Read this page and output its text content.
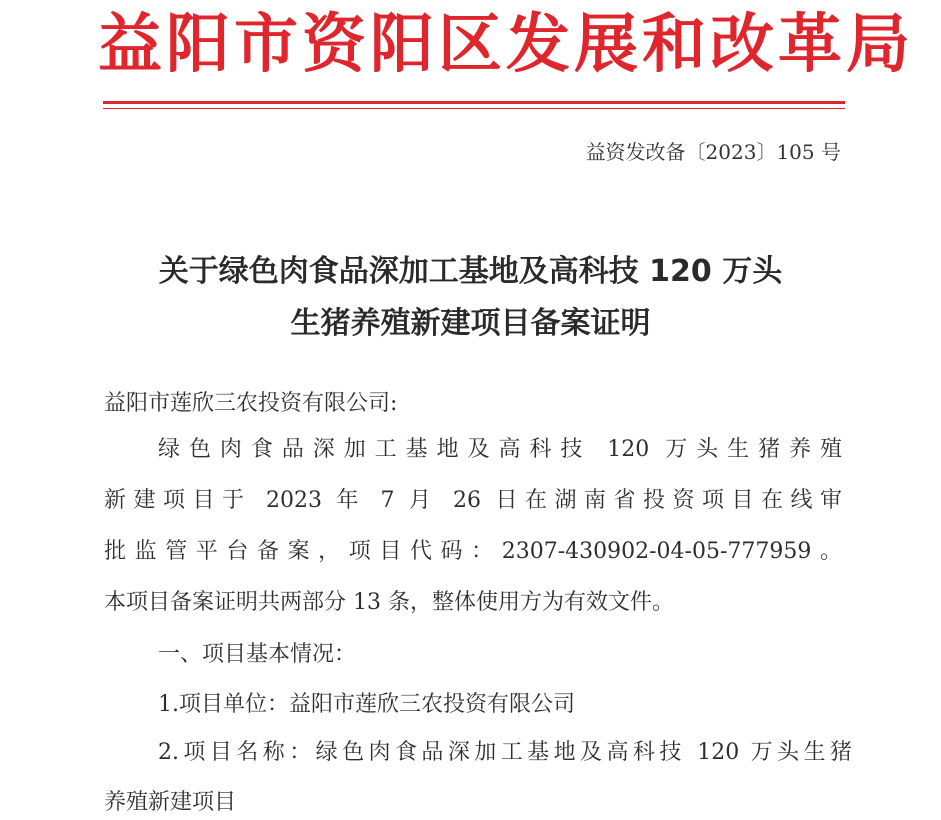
益阳市资阳区发展和改革局
益资发改备〔2023〕105 号
关于绿色肉食品深加工基地及高科技 120 万头
生猪养殖新建项目备案证明
益阳市莲欣三农投资有限公司:
绿色肉食品深加工基地及高科技 120 万头生猪养殖
新建项目于 2023 年 7 月 26 日在湖南省投资项目在线审
批监管平台备案，项目代码：2307-430902-04-05-777959。
本项目备案证明共两部分 13 条，整体使用方为有效文件。
一、项目基本情况：
1.项目单位：益阳市莲欣三农投资有限公司
2.项目名称：绿色肉食品深加工基地及高科技 120 万头生猪
养殖新建项目
